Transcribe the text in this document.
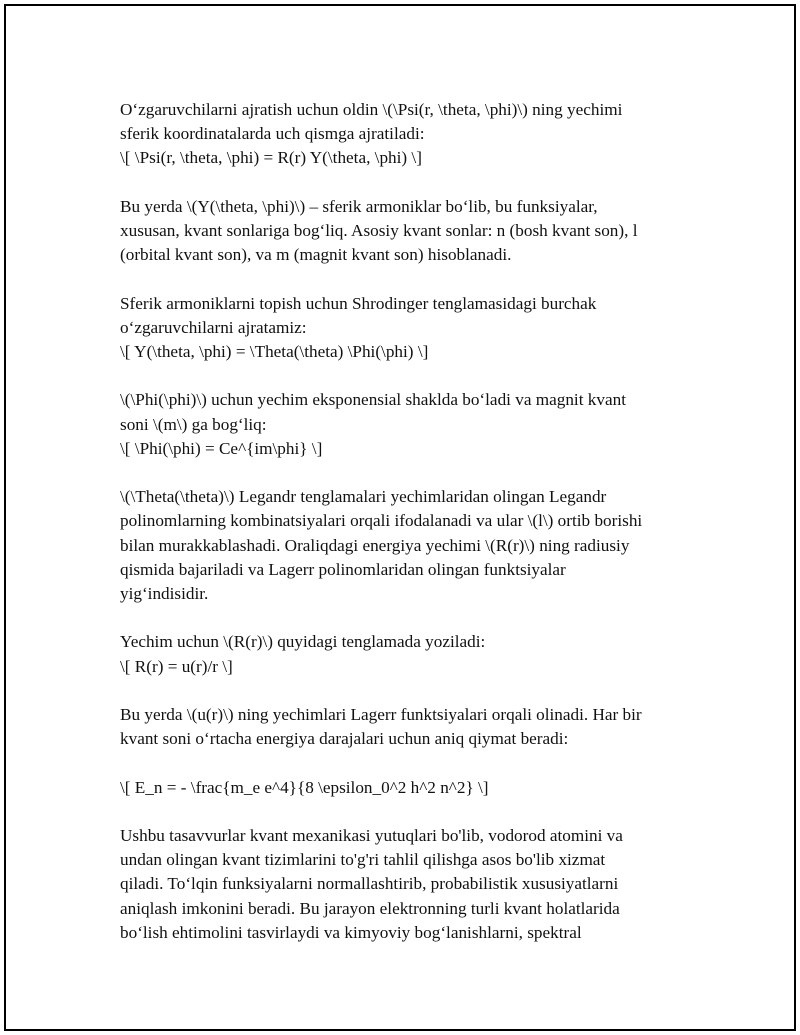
O‘zgaruvchilarni ajratish uchun oldin \(\Psi(r, \theta, \phi)\) ning yechimi
sferik koordinatalarda uch qismga ajratiladi:
\[ \Psi(r, \theta, \phi) = R(r) Y(\theta, \phi) \]

Bu yerda \(Y(\theta, \phi)\) – sferik armoniklar bo‘lib, bu funksiyalar,
xususan, kvant sonlariga bog‘liq. Asosiy kvant sonlar: n (bosh kvant son), l
(orbital kvant son), va m (magnit kvant son) hisoblanadi.

Sferik armoniklarni topish uchun Shrodinger tenglamasidagi burchak
o‘zgaruvchilarni ajratamiz:
\[ Y(\theta, \phi) = \Theta(\theta) \Phi(\phi) \]

\(\Phi(\phi)\) uchun yechim eksponensial shaklda bo‘ladi va magnit kvant
soni \(m\) ga bog‘liq:
\[ \Phi(\phi) = Ce^{im\phi} \]

\(\Theta(\theta)\) Legandr tenglamalari yechimlaridan olingan Legandr
polinomlarning kombinatsiyalari orqali ifodalanadi va ular \(l\) ortib borishi
bilan murakkablashadi. Oraliqdagi energiya yechimi \(R(r)\) ning radiusiy
qismida bajariladi va Lagerr polinomlaridan olingan funktsiyalar
yig‘indisidir.

Yechim uchun \(R(r)\) quyidagi tenglamada yoziladi:
\[ R(r) = u(r)/r \]

Bu yerda \(u(r)\) ning yechimlari Lagerr funktsiyalari orqali olinadi. Har bir
kvant soni o‘rtacha energiya darajalari uchun aniq qiymat beradi:

\[ E_n = - \frac{m_e e^4}{8 \epsilon_0^2 h^2 n^2} \]

Ushbu tasavvurlar kvant mexanikasi yutuqlari bo'lib, vodorod atomini va
undan olingan kvant tizimlarini to'g'ri tahlil qilishga asos bo'lib xizmat
qiladi. To‘lqin funksiyalarni normallashtirib, probabilistik xususiyatlarni
aniqlash imkonini beradi. Bu jarayon elektronning turli kvant holatlarida
bo‘lish ehtimolini tasvirlaydi va kimyoviy bog‘lanishlarni, spektral
